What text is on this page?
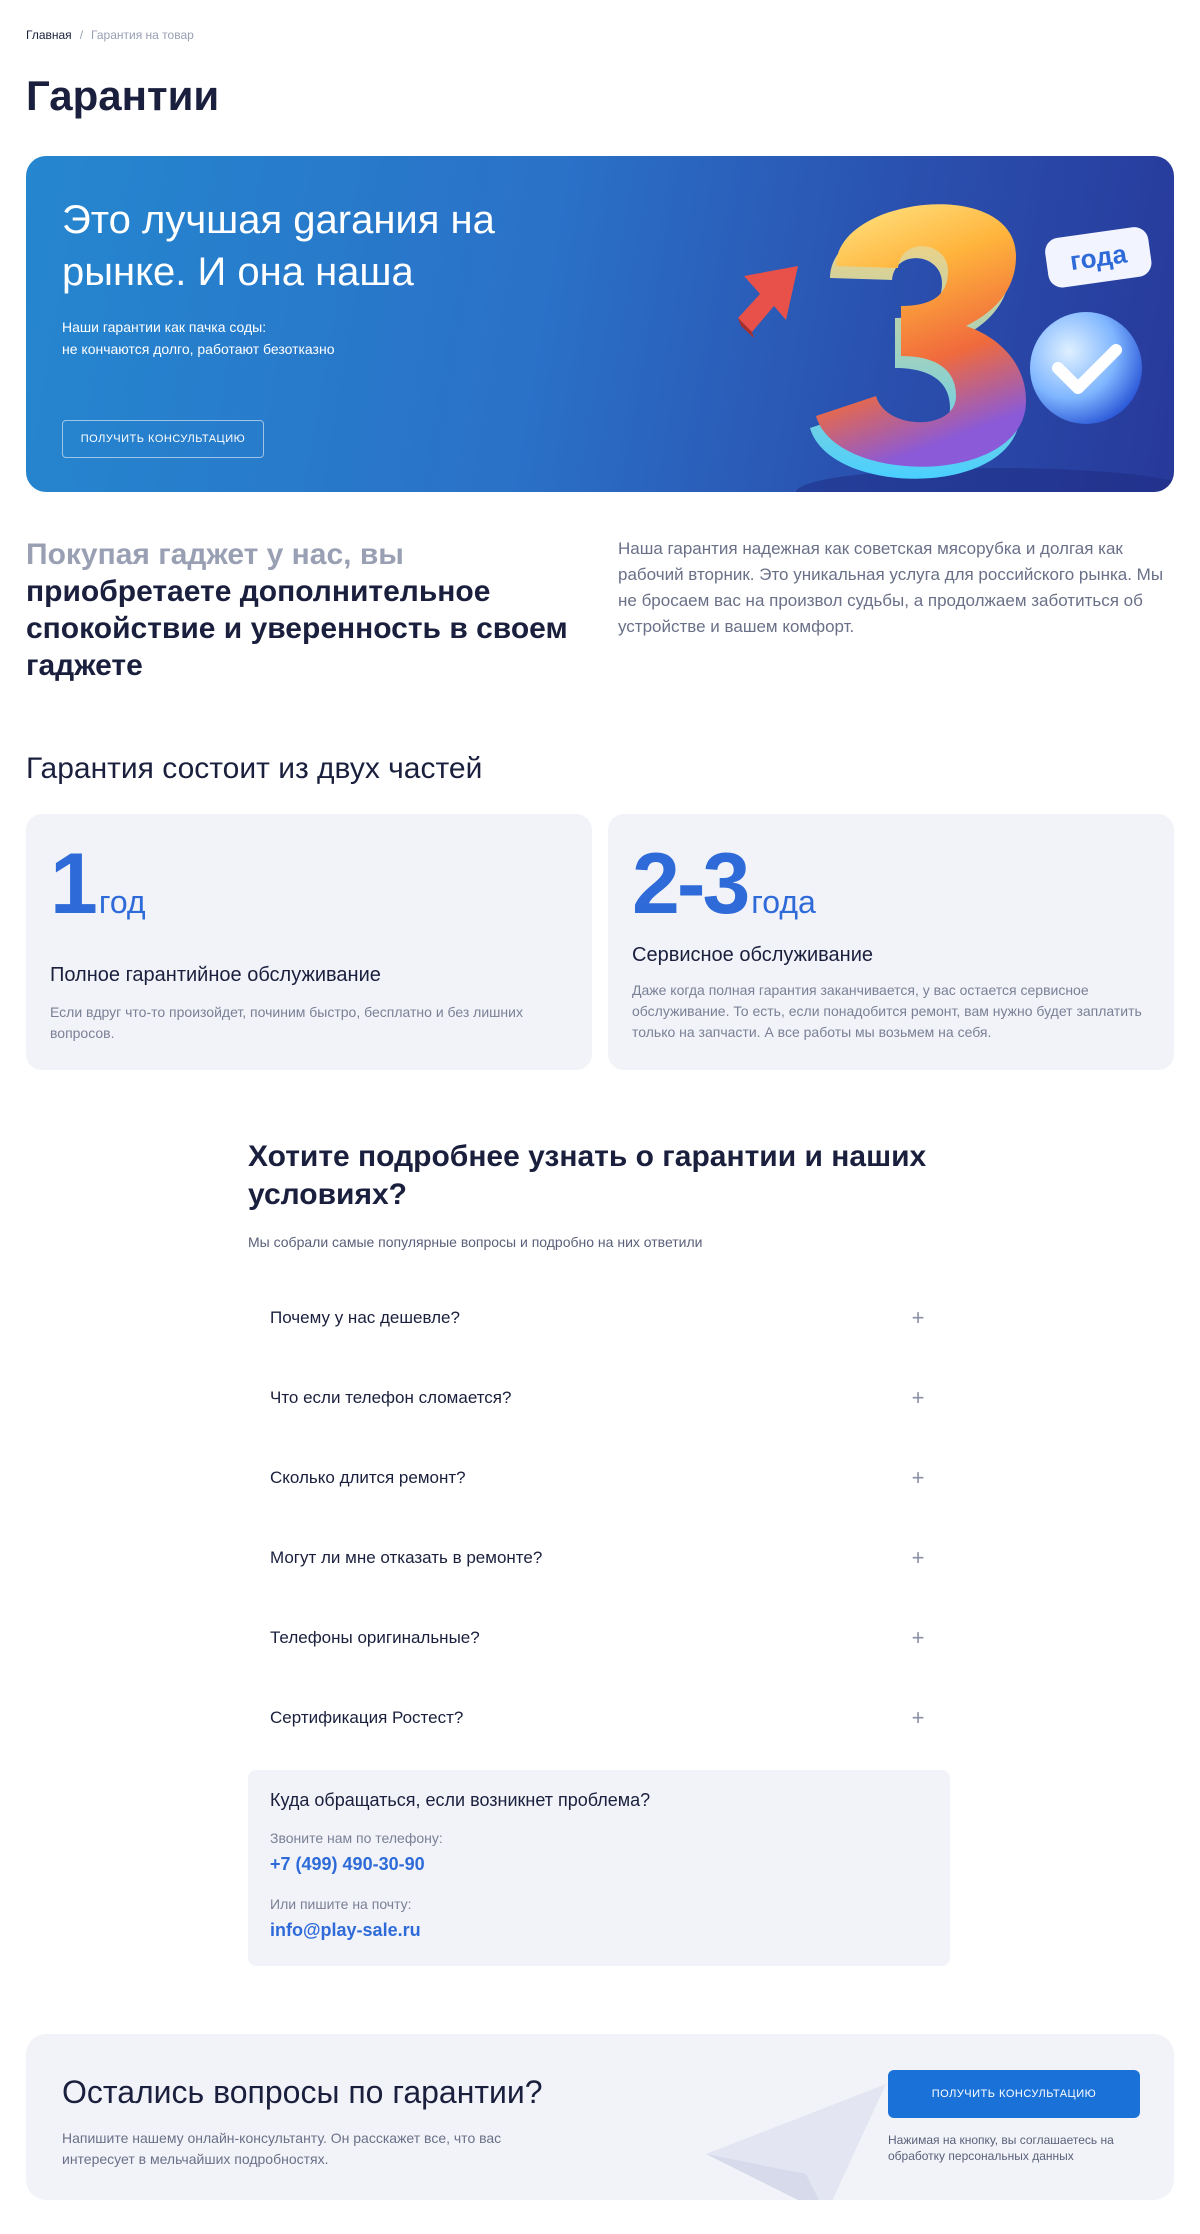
Главная / Гарантия на товар
Гарантии
Это лучшая garания на рынке. И она наша
Наши гарантии как пачка соды:
не кончаются долго, работают безотказно
ПОЛУЧИТЬ КОНСУЛЬТАЦИЮ
года
Покупая гаджет у нас, вы
приобретаете дополнительное спокойствие и уверенность в своем гаджете

Наша гарантия надежная как советская мясорубка и долгая как рабочий вторник. Это уникальная услуга для российского рынка. Мы не бросаем вас на произвол судьбы, а продолжаем заботиться об устройстве и вашем комфорт.

Гарантия состоит из двух частей
1 год
Полное гарантийное обслуживание
Если вдруг что-то произойдет, починим быстро, бесплатно и без лишних вопросов.
2-3 года
Сервисное обслуживание
Даже когда полная гарантия заканчивается, у вас остается сервисное обслуживание. То есть, если понадобится ремонт, вам нужно будет заплатить только на запчасти. А все работы мы возьмем на себя.
Хотите подробнее узнать о гарантии и наших условиях?

Мы собрали самые популярные вопросы и подробно на них ответили

Почему у нас дешевле?	+
Что если телефон сломается?	+
Сколько длится ремонт?	+
Могут ли мне отказать в ремонте?	+
Телефоны оригинальные?	+
Сертификация Ростест?	+
Куда обращаться, если возникнет проблема?
Звоните нам по телефону:
+7 (499) 490-30-90
Или пишите на почту:
info@play-sale.ru
Остались вопросы по гарантии?
Напишите нашему онлайн-консультанту. Он расскажет все, что вас интересует в мельчайших подробностях.
ПОЛУЧИТЬ КОНСУЛЬТАЦИЮ
Нажимая на кнопку, вы соглашаетесь на обработку персональных данных
